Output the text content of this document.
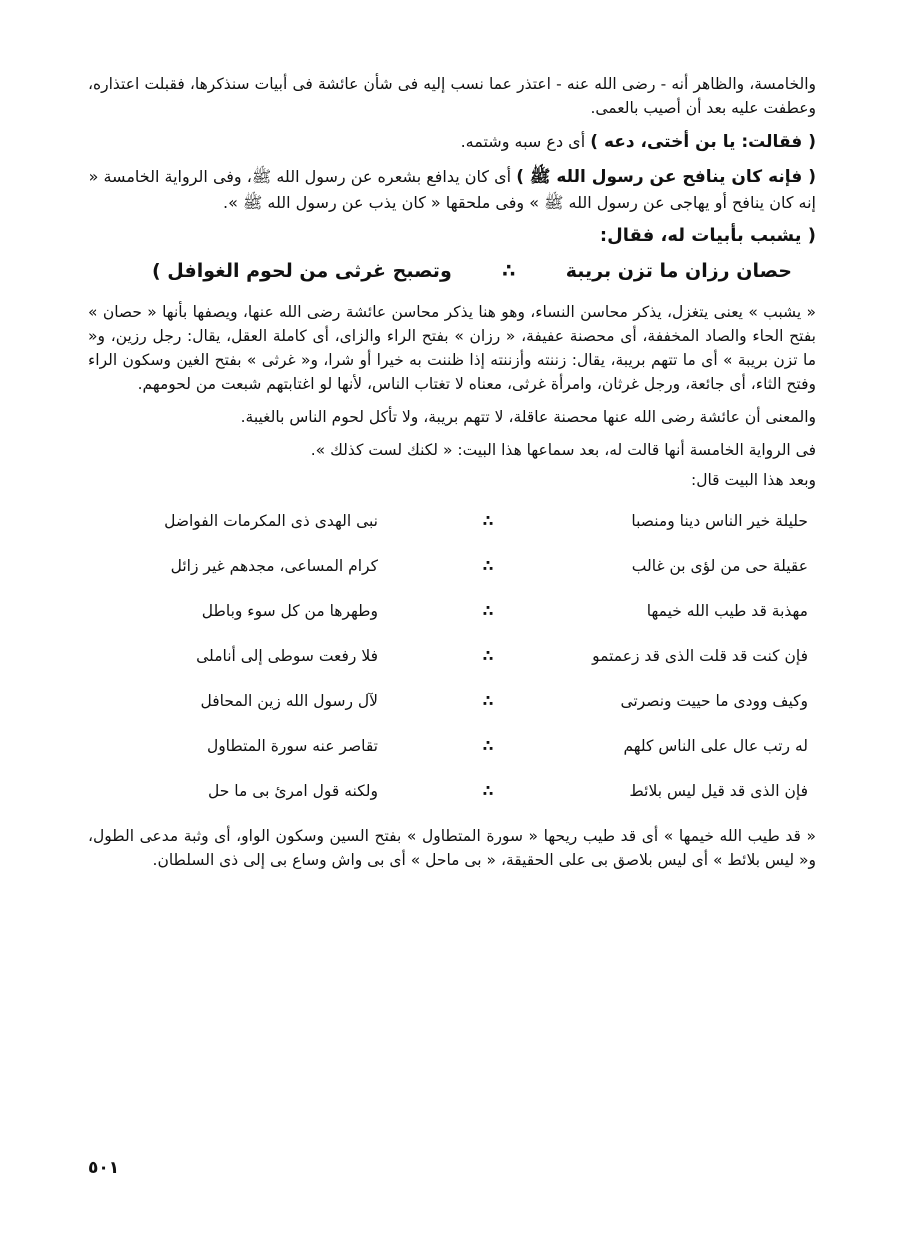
والخامسة، والظاهر أنه - رضى الله عنه - اعتذر عما نسب إليه فى شأن عائشة فى أبيات سنذكرها، فقبلت اعتذاره، وعطفت عليه بعد أن أصيب بالعمى.

( فقالت: يا بن أختى، دعه ) أى دع سبه وشتمه.

( فإنه كان ينافح عن رسول الله ﷺ ) أى كان يدافع بشعره عن رسول الله ﷺ، وفى الرواية الخامسة « إنه كان ينافح أو يهاجى عن رسول الله ﷺ » وفى ملحقها « كان يذب عن رسول الله ﷺ ».

( يشبب بأبيات له، فقال:
حصان رزان ما تزن بريبة
∴
وتصبح غرثى من لحوم الغوافل )

« يشبب » يعنى يتغزل، يذكر محاسن النساء، وهو هنا يذكر محاسن عائشة رضى الله عنها، ويصفها بأنها « حصان » بفتح الحاء والصاد المخففة، أى محصنة عفيفة، « رزان » بفتح الراء والزاى، أى كاملة العقل، يقال: رجل رزين، و« ما تزن بريبة » أى ما تتهم بريبة، يقال: زننته وأزننته إذا ظننت به خيرا أو شرا، و« غرثى » بفتح الغين وسكون الراء وفتح الثاء، أى جائعة، ورجل غرثان، وامرأة غرثى، معناه لا تغتاب الناس، لأنها لو اغتابتهم شبعت من لحومهم.

والمعنى أن عائشة رضى الله عنها محصنة عاقلة، لا تتهم بريبة، ولا تأكل لحوم الناس بالغيبة.

فى الرواية الخامسة أنها قالت له، بعد سماعها هذا البيت: « لكنك لست كذلك ».

وبعد هذا البيت قال:
حليلة خير الناس دينا ومنصبا
∴
نبى الهدى ذى المكرمات الفواضل
عقيلة حى من لؤى بن غالب
∴
كرام المساعى، مجدهم غير زائل
مهذبة قد طيب الله خيمها
∴
وطهرها من كل سوء وباطل
فإن كنت قد قلت الذى قد زعمتمو
∴
فلا رفعت سوطى إلى أناملى
وكيف وودى ما حييت ونصرتى
∴
لآل رسول الله زين المحافل
له رتب عال على الناس كلهم
∴
تقاصر عنه سورة المتطاول
فإن الذى قد قيل ليس بلائط
∴
ولكنه قول امرئ بى ما حل

« قد طيب الله خيمها » أى قد طيب ريحها « سورة المتطاول » بفتح السين وسكون الواو، أى وثبة مدعى الطول، و« ليس بلائط » أى ليس بلاصق بى على الحقيقة، « بى ماحل » أى بى واش وساع بى إلى ذى السلطان.

٥٠١
